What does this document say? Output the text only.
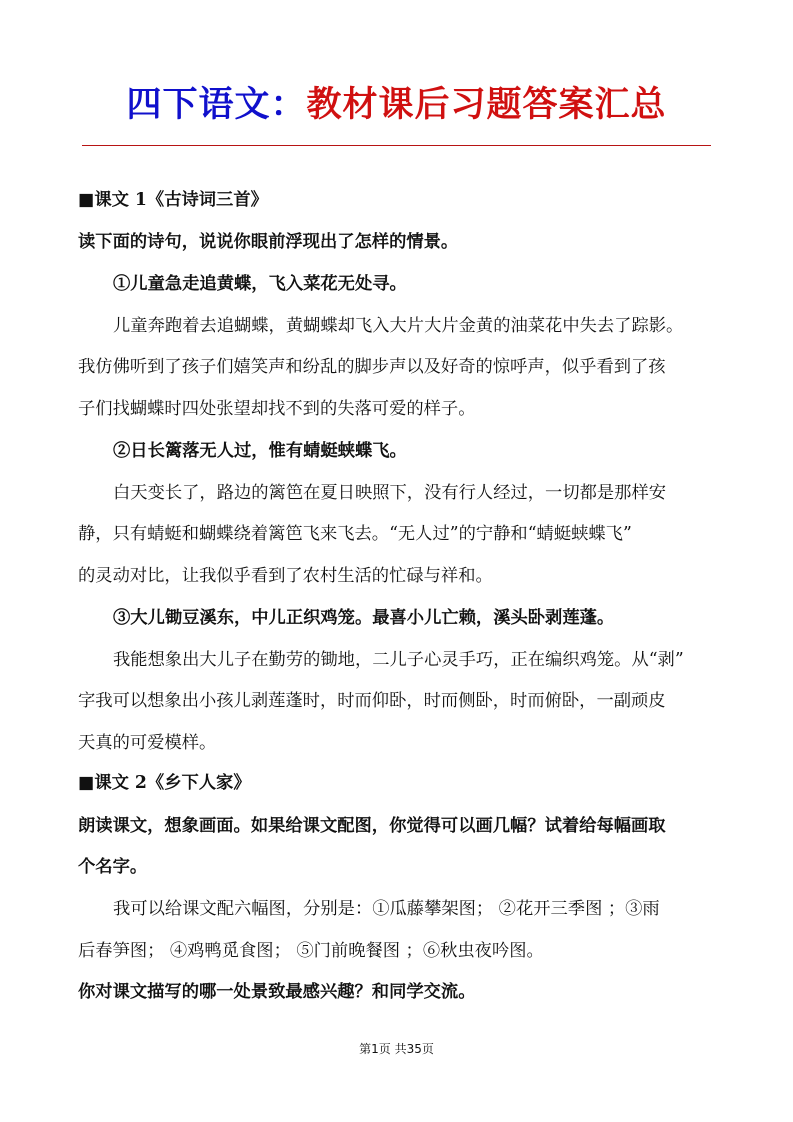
四下语文：教材课后习题答案汇总
■课文 1《古诗词三首》
读下面的诗句，说说你眼前浮现出了怎样的情景。
①儿童急走追黄蝶，飞入菜花无处寻。
儿童奔跑着去追蝴蝶，黄蝴蝶却飞入大片大片金黄的油菜花中失去了踪影。
我仿佛听到了孩子们嬉笑声和纷乱的脚步声以及好奇的惊呼声，似乎看到了孩
子们找蝴蝶时四处张望却找不到的失落可爱的样子。
②日长篱落无人过，惟有蜻蜓蛱蝶飞。
白天变长了，路边的篱笆在夏日映照下，没有行人经过，一切都是那样安
静，只有蜻蜓和蝴蝶绕着篱笆飞来飞去。“无人过”的宁静和“蜻蜓蛱蝶飞”
的灵动对比，让我似乎看到了农村生活的忙碌与祥和。
③大儿锄豆溪东，中儿正织鸡笼。最喜小儿亡赖，溪头卧剥莲蓬。
我能想象出大儿子在勤劳的锄地，二儿子心灵手巧，正在编织鸡笼。从“剥”
字我可以想象出小孩儿剥莲蓬时，时而仰卧，时而侧卧，时而俯卧，一副顽皮
天真的可爱模样。
■课文 2《乡下人家》
朗读课文，想象画面。如果给课文配图，你觉得可以画几幅？试着给每幅画取
个名字。
我可以给课文配六幅图，分别是：①瓜藤攀架图； ②花开三季图 ；③雨
后春笋图； ④鸡鸭觅食图； ⑤门前晚餐图 ；⑥秋虫夜吟图。
你对课文描写的哪一处景致最感兴趣？和同学交流。
第1页 共35页
